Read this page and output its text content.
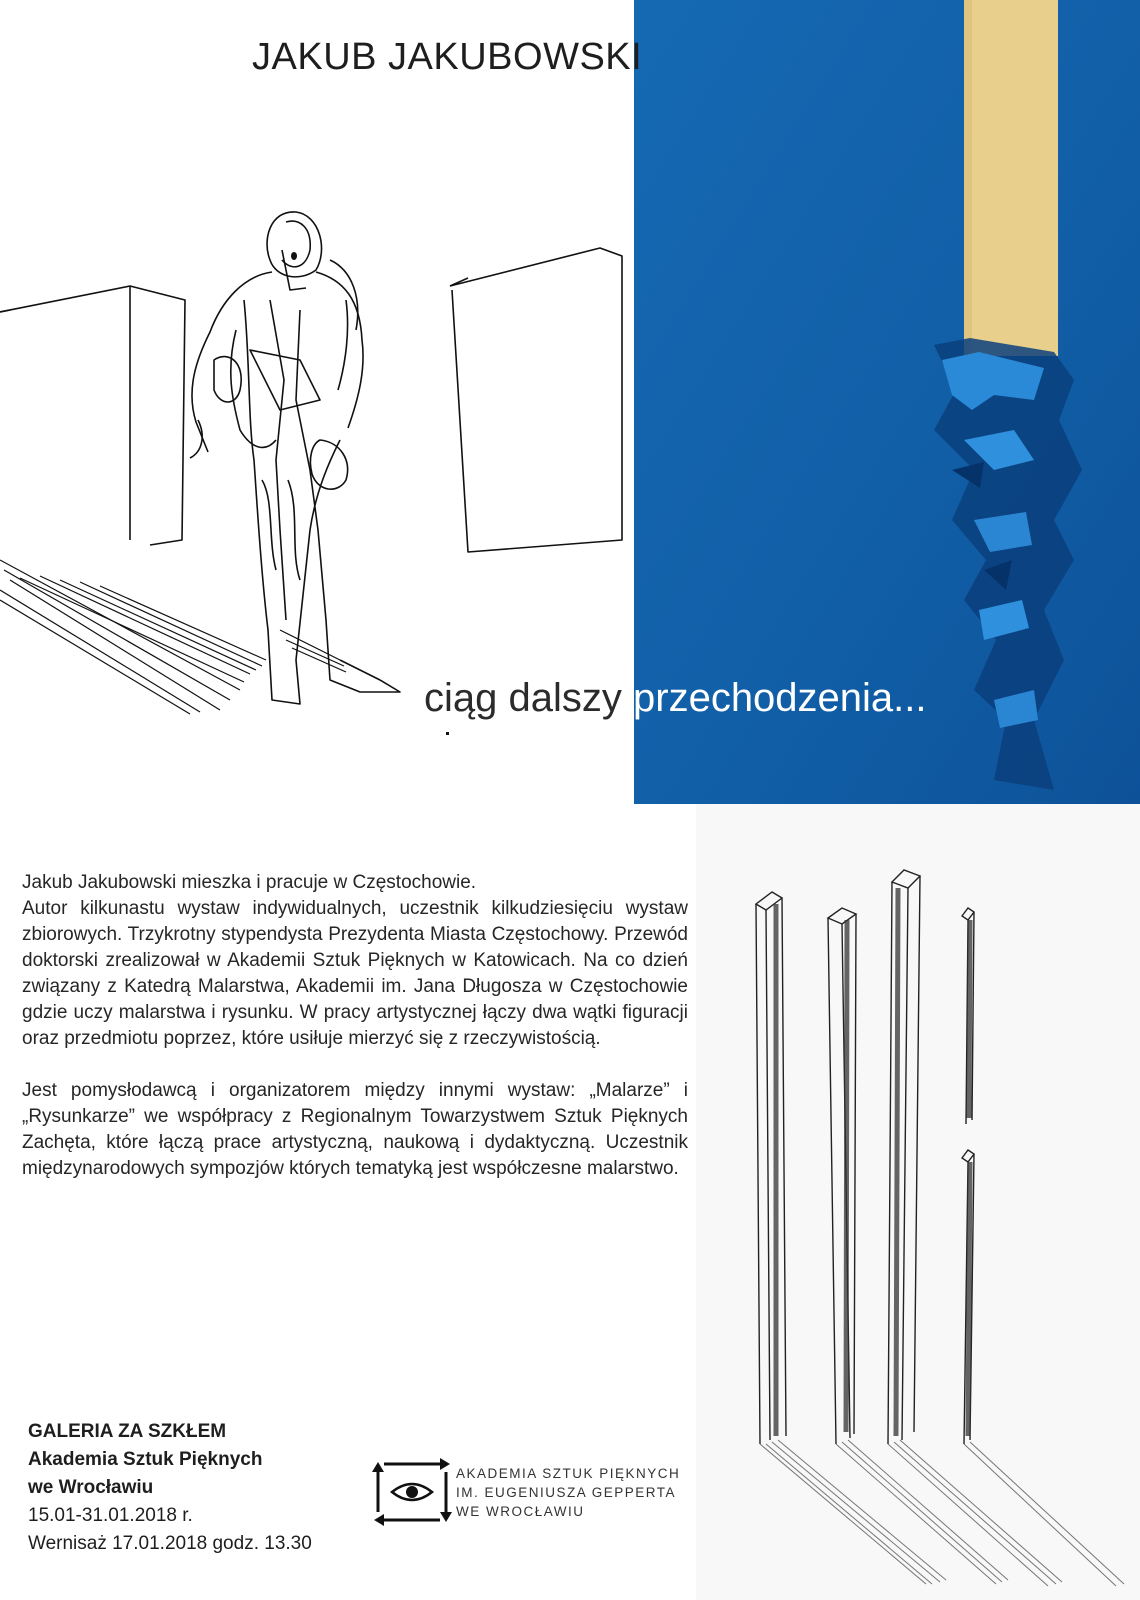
ciąg dalszy przechodzenia...
JAKUB JAKUBOWSKI

Jakub Jakubowski mieszka i pracuje w Częstochowie.
Autor kilkunastu wystaw indywidualnych, uczestnik kilkudziesięciu wystaw zbiorowych. Trzykrotny stypendysta Prezydenta Miasta Częstochowy. Przewód doktorski zrealizował w Akademii Sztuk Pięknych w Katowicach. Na co dzień związany z Katedrą Malarstwa, Akademii im. Jana Długosza w Częstochowie gdzie uczy malarstwa i rysunku. W pracy artystycznej łączy dwa wątki figuracji oraz przedmiotu poprzez, które usiłuje mierzyć się z rzeczywistością.

Jest pomysłodawcą i organizatorem między innymi wystaw: „Malarze” i „Rysunkarze” we współpracy z Regionalnym Towarzystwem Sztuk Pięknych Zachęta, które łączą prace artystyczną, naukową i dydaktyczną. Uczestnik międzynarodowych sympozjów których tematyką jest współczesne malarstwo.

GALERIA ZA SZKŁEM
Akademia Sztuk Pięknych
we Wrocławiu
15.01-31.01.2018 r.
Wernisaż 17.01.2018 godz. 13.30
AKADEMIA SZTUK PIĘKNYCH
IM. EUGENIUSZA GEPPERTA
WE WROCŁAWIU
